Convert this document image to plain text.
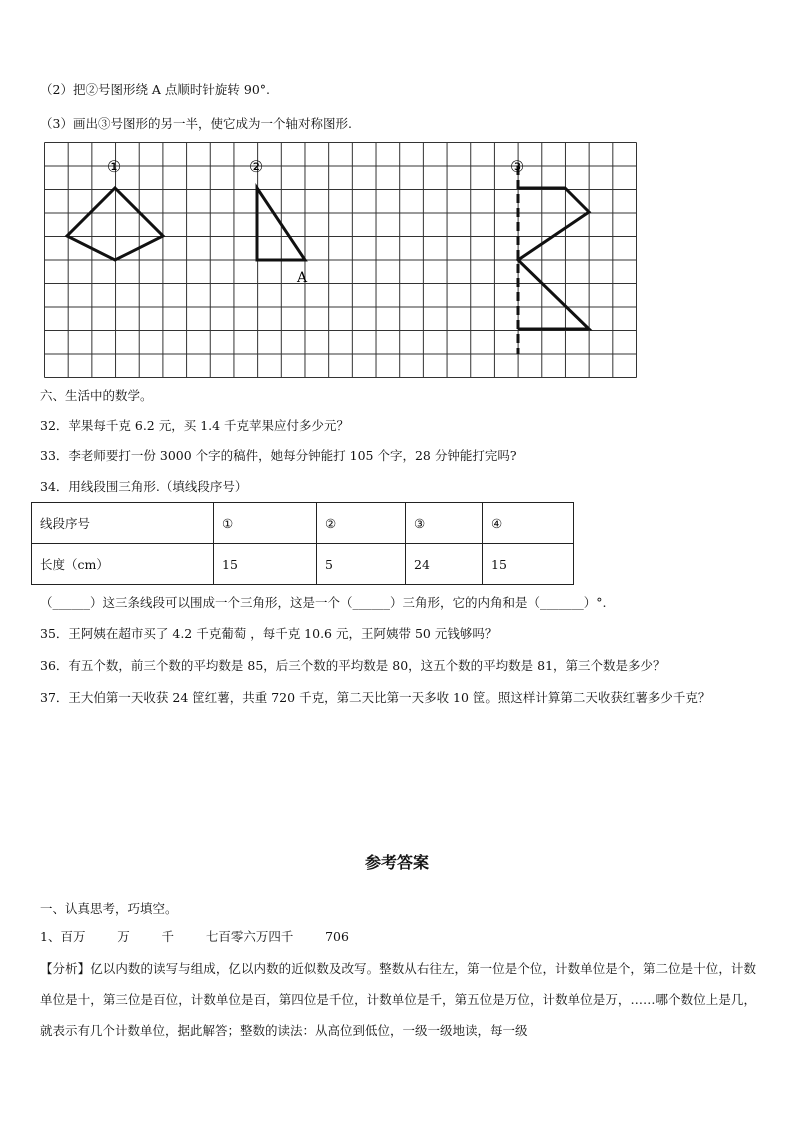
（2）把②号图形绕 A 点顺时针旋转 90°.
（3）画出③号图形的另一半，使它成为一个轴对称图形.
①	②	③
A
六、生活中的数学。
32．苹果每千克 6.2 元，买 1.4 千克苹果应付多少元？
33．李老师要打一份 3000 个字的稿件，她每分钟能打 105 个字，28 分钟能打完吗?
34．用线段围三角形.（填线段序号）
线段序号	①	②	③	④
长度（cm）	15	5	24	15
（______）这三条线段可以围成一个三角形，这是一个（______）三角形，它的内角和是（_______）°.
35．王阿姨在超市买了 4.2 千克葡萄 ，每千克 10.6 元，王阿姨带 50 元钱够吗？
36．有五个数，前三个数的平均数是 85，后三个数的平均数是 80，这五个数的平均数是 81，第三个数是多少？
37．王大伯第一天收获 24 筐红薯，共重 720 千克，第二天比第一天多收 10 筐。照这样计算第二天收获红薯多少千克？
参考答案
一、认真思考，巧填空。
1、百万        万        千        七百零六万四千        706
【分析】亿以内数的读写与组成，亿以内数的近似数及改写。整数从右往左，第一位是个位，计数单位是个，第二位是十位，计数单位是十，第三位是百位，计数单位是百，第四位是千位，计数单位是千，第五位是万位，计数单位是万，……哪个数位上是几，就表示有几个计数单位，据此解答；整数的读法：从高位到低位，一级一级地读，每一级
